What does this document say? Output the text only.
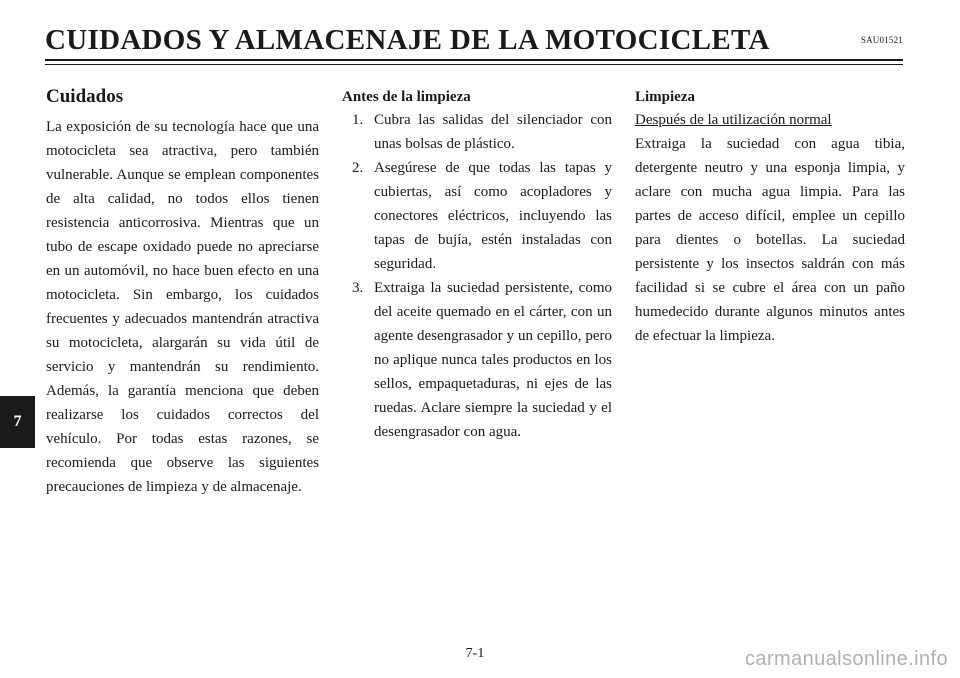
CUIDADOS Y ALMACENAJE DE LA MOTOCICLETA	SAU01521
Cuidados

La exposición de su tecnología hace que una motocicleta sea atractiva, pero también vulnerable. Aunque se emplean componentes de alta calidad, no todos ellos tienen resistencia anticorrosiva. Mientras que un tubo de escape oxidado puede no apreciarse en un automóvil, no hace buen efecto en una motocicleta. Sin embargo, los cuidados frecuentes y adecuados mantendrán atractiva su motocicleta, alargarán su vida útil de servicio y mantendrán su rendimiento. Además, la garantía menciona que deben realizarse los cuidados correctos del vehículo. Por todas estas razones, se recomienda que observe las siguientes precauciones de limpieza y de almacenaje.

Antes de la limpieza
1. Cubra las salidas del silenciador con unas bolsas de plástico.
2. Asegúrese de que todas las tapas y cubiertas, así como acopladores y conectores eléctricos, incluyendo las tapas de bujía, estén instaladas con seguridad.
3. Extraiga la suciedad persistente, como del aceite quemado en el cárter, con un agente desengrasador y un cepillo, pero no aplique nunca tales productos en los sellos, empaquetaduras, ni ejes de las ruedas. Aclare siempre la suciedad y el desengrasador con agua.
Limpieza

Después de la utilización normal

Extraiga la suciedad con agua tibia, detergente neutro y una esponja limpia, y aclare con mucha agua limpia. Para las partes de acceso difícil, emplee un cepillo para dientes o botellas. La suciedad persistente y los insectos saldrán con más facilidad si se cubre el área con un paño humedecido durante algunos minutos antes de efectuar la limpieza.

7
7-1	carmanualsonline.info
